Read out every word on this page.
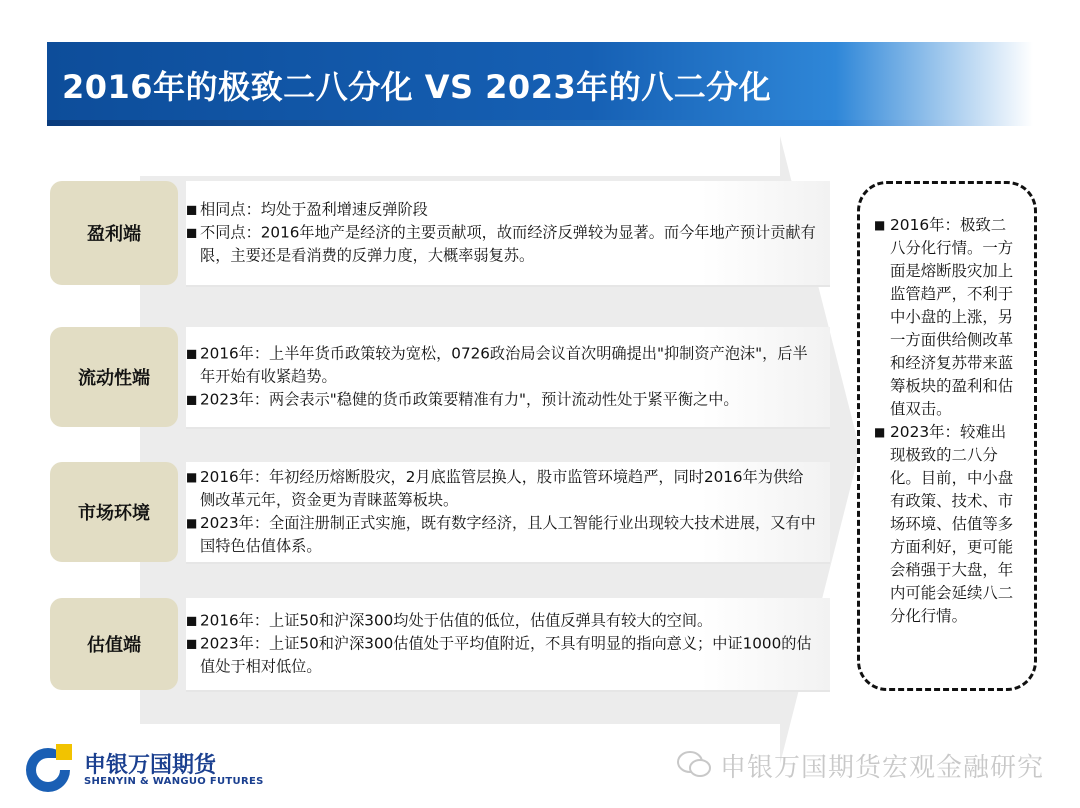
2016年的极致二八分化 VS 2023年的八二分化
盈利端
■ 相同点：均处于盈利增速反弹阶段
■ 不同点：2016年地产是经济的主要贡献项，故而经济反弹较为显著。而今年地产预计贡献有限，主要还是看消费的反弹力度，大概率弱复苏。
流动性端
■ 2016年：上半年货币政策较为宽松，0726政治局会议首次明确提出"抑制资产泡沫"，后半年开始有收紧趋势。
■ 2023年：两会表示"稳健的货币政策要精准有力"，预计流动性处于紧平衡之中。
市场环境
■ 2016年：年初经历熔断股灾，2月底监管层换人，股市监管环境趋严，同时2016年为供给侧改革元年，资金更为青睐蓝筹板块。
■ 2023年：全面注册制正式实施，既有数字经济，且人工智能行业出现较大技术进展，又有中国特色估值体系。
估值端
■ 2016年：上证50和沪深300均处于估值的低位，估值反弹具有较大的空间。
■ 2023年：上证50和沪深300估值处于平均值附近，不具有明显的指向意义；中证1000的估值处于相对低位。
■ 2016年：极致二八分化行情。一方面是熔断股灾加上监管趋严，不利于中小盘的上涨，另一方面供给侧改革和经济复苏带来蓝筹板块的盈利和估值双击。
■ 2023年：较难出现极致的二八分化。目前，中小盘有政策、技术、市场环境、估值等多方面利好，更可能会稍强于大盘，年内可能会延续八二分化行情。
申银万国期货
SHENYIN & WANGUO FUTURES	申银万国期货宏观金融研究
